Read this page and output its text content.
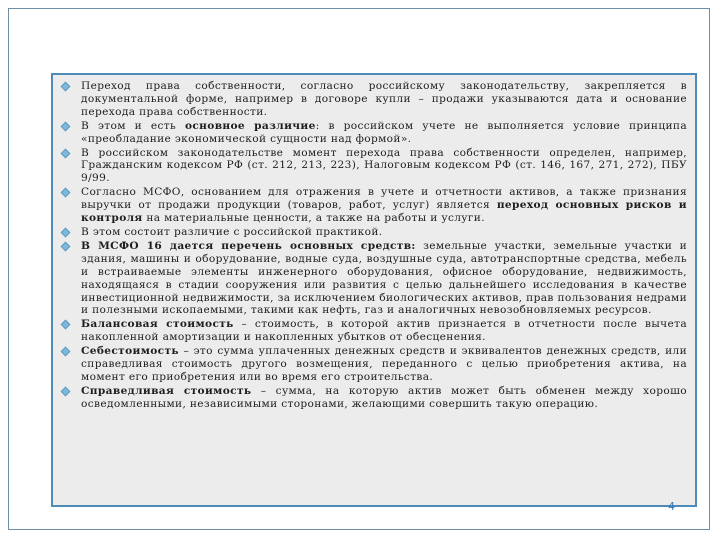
Переход права собственности, согласно российскому законодательству, закрепляется в документальной форме, например в договоре купли – продажи указываются дата и основание перехода права собственности.
В этом и есть основное различие: в российском учете не выполняется условие принципа «преобладание экономической сущности над формой».
В российском законодательстве момент перехода права собственности определен, например, Гражданским кодексом РФ (ст. 212, 213, 223), Налоговым кодексом РФ (ст. 146, 167, 271, 272), ПБУ 9/99.
Согласно МСФО, основанием для отражения в учете и отчетности активов, а также признания выручки от продажи продукции (товаров, работ, услуг) является переход основных рисков и контроля на материальные ценности, а также на работы и услуги.
В этом состоит различие с российской практикой.
В МСФО 16 дается перечень основных средств: земельные участки, земельные участки и здания, машины и оборудование, водные суда, воздушные суда, автотранспортные средства, мебель и встраиваемые элементы инженерного оборудования, офисное оборудование, недвижимость, находящаяся в стадии сооружения или развития с целью дальнейшего исследования в качестве инвестиционной недвижимости, за исключением биологических активов, прав пользования недрами и полезными ископаемыми, такими как нефть, газ и аналогичных невозобновляемых ресурсов.
Балансовая стоимость – стоимость, в которой актив признается в отчетности после вычета накопленной амортизации и накопленных убытков от обесценения.
Себестоимость – это сумма уплаченных денежных средств и эквивалентов денежных средств, или справедливая стоимость другого возмещения, переданного с целью приобретения актива, на момент его приобретения или во время его строительства.
Справедливая стоимость – сумма, на которую актив может быть обменен между хорошо осведомленными, независимыми сторонами, желающими совершить такую операцию.
4
